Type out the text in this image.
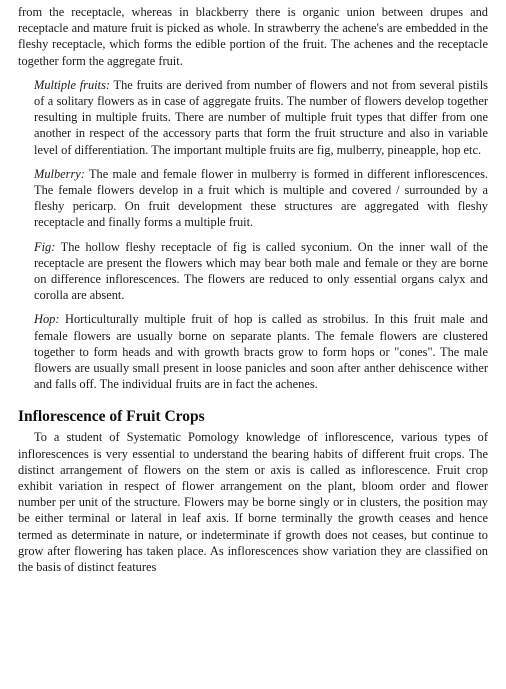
from the receptacle, whereas in blackberry there is organic union between drupes and receptacle and mature fruit is picked as whole. In strawberry the achene's are embedded in the fleshy receptacle, which forms the edible portion of the fruit. The achenes and the receptacle together form the aggregate fruit.

Multiple fruits: The fruits are derived from number of flowers and not from several pistils of a solitary flowers as in case of aggregate fruits. The number of flowers develop together resulting in multiple fruits. There are number of multiple fruit types that differ from one another in respect of the accessory parts that form the fruit structure and also in variable level of differentiation. The important multiple fruits are fig, mulberry, pineapple, hop etc.

Mulberry: The male and female flower in mulberry is formed in different inflorescences. The female flowers develop in a fruit which is multiple and covered / surrounded by a fleshy pericarp. On fruit development these structures are aggregated with fleshy receptacle and finally forms a multiple fruit.

Fig: The hollow fleshy receptacle of fig is called syconium. On the inner wall of the receptacle are present the flowers which may bear both male and female or they are borne on difference inflorescences. The flowers are reduced to only essential organs calyx and corolla are absent.

Hop: Horticulturally multiple fruit of hop is called as strobilus. In this fruit male and female flowers are usually borne on separate plants. The female flowers are clustered together to form heads and with growth bracts grow to form hops or "cones". The male flowers are usually small present in loose panicles and soon after anther dehiscence wither and falls off. The individual fruits are in fact the achenes.

Inflorescence of Fruit Crops

To a student of Systematic Pomology knowledge of inflorescence, various types of inflorescences is very essential to understand the bearing habits of different fruit crops. The distinct arrangement of flowers on the stem or axis is called as inflorescence. Fruit crop exhibit variation in respect of flower arrangement on the plant, bloom order and flower number per unit of the structure. Flowers may be borne singly or in clusters, the position may be either terminal or lateral in leaf axis. If borne terminally the growth ceases and hence termed as determinate in nature, or indeterminate if growth does not ceases, but continue to grow after flowering has taken place. As inflorescences show variation they are classified on the basis of distinct features
